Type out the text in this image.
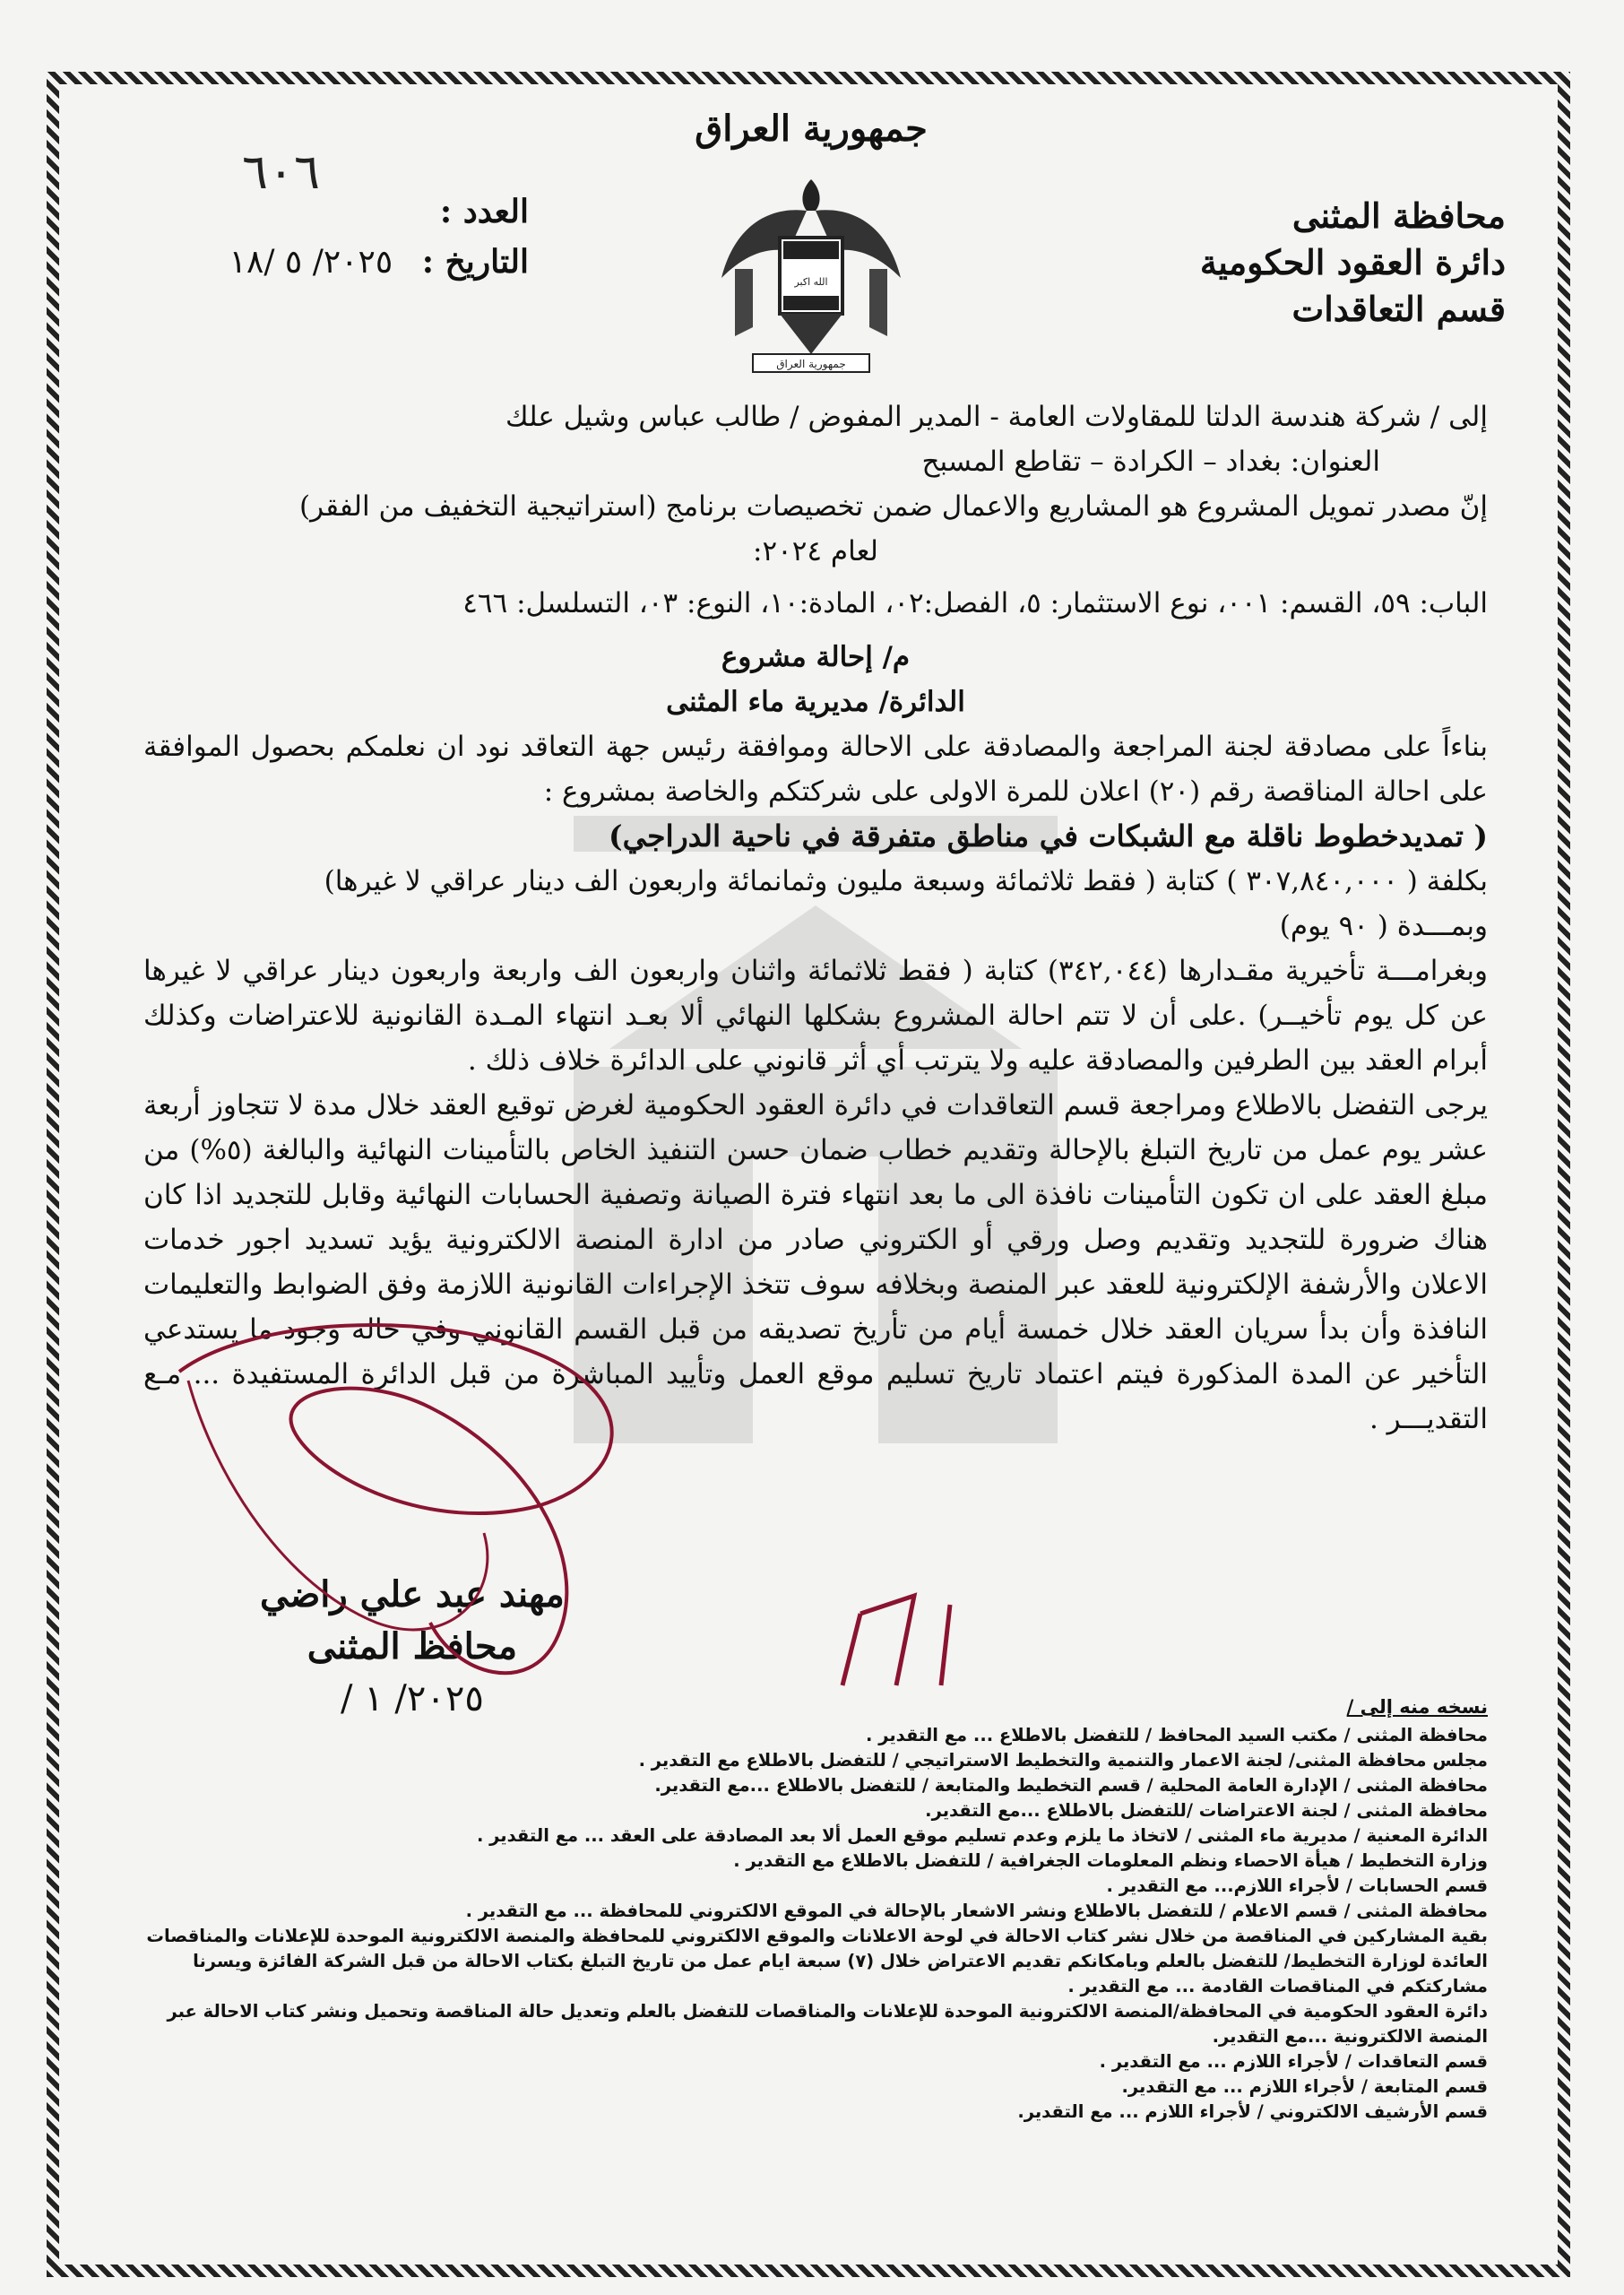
جمهورية العراق
٦٠٦
العدد :
التاريخ : ٢٠٢٥/ ٥ /١٨
محافظة المثنى
دائرة العقود الحكومية
قسم التعاقدات
الله اكبر
جمهورية العراق

إلى / شركة هندسة الدلتا للمقاولات العامة - المدير المفوض / طالب عباس وشيل علك

العنوان: بغداد – الكرادة – تقاطع المسبح

إنّ مصدر تمويل المشروع هو المشاريع والاعمال ضمن تخصيصات برنامج (استراتيجية التخفيف من الفقر)

لعام ٢٠٢٤:

الباب: ٥٩، القسم: ٠٠١، نوع الاستثمار: ٥، الفصل:٠٢، المادة:١٠، النوع: ٠٣، التسلسل: ٤٦٦

م/ إحالة مشروع

الدائرة/ مديرية ماء المثنى

بناءاً على مصادقة لجنة المراجعة والمصادقة على الاحالة وموافقة رئيس جهة التعاقد نود ان نعلمكم بحصول الموافقة على احالة المناقصة رقم (٢٠) اعلان للمرة الاولى على شركتكم والخاصة بمشروع :

( تمديدخطوط ناقلة مع الشبكات في مناطق متفرقة في ناحية الدراجي)

بكلفة ( ٣٠٧,٨٤٠,٠٠٠ ) كتابة ( فقط ثلاثمائة وسبعة مليون وثمانمائة واربعون الف دينار عراقي لا غيرها)

وبمـــدة ( ٩٠ يوم)

وبغرامـــة تأخيرية مقـدارها (٣٤٢,٠٤٤) كتابة ( فقط ثلاثمائة واثنان واربعون الف واربعة واربعون دينار عراقي لا غيرها عن كل يوم تأخيــر) .على أن لا تتم احالة المشروع بشكلها النهائي ألا بعـد انتهاء المـدة القانونية للاعتراضات وكذلك أبرام العقد بين الطرفين والمصادقة عليه ولا يترتب أي أثر قانوني على الدائرة خلاف ذلك .

يرجى التفضل بالاطلاع ومراجعة قسم التعاقدات في دائرة العقود الحكومية لغرض توقيع العقد خلال مدة لا تتجاوز أربعة عشر يوم عمل من تاريخ التبلغ بالإحالة وتقديم خطاب ضمان حسن التنفيذ الخاص بالتأمينات النهائية والبالغة (٥%) من مبلغ العقد على ان تكون التأمينات نافذة الى ما بعد انتهاء فترة الصيانة وتصفية الحسابات النهائية وقابل للتجديد اذا كان هناك ضرورة للتجديد وتقديم وصل ورقي أو الكتروني صادر من ادارة المنصة الالكترونية يؤيد تسديد اجور خدمات الاعلان والأرشفة الإلكترونية للعقد عبر المنصة وبخلافه سوف تتخذ الإجراءات القانونية اللازمة وفق الضوابط والتعليمات النافذة وأن بدأ سريان العقد خلال خمسة أيام من تأريخ تصديقه من قبل القسم القانوني وفي حالة وجود ما يستدعي التأخير عن المدة المذكورة فيتم اعتماد تاريخ تسليم موقع العمل وتأييد المباشرة من قبل الدائرة المستفيدة ... مـع التقديـــر .

مهند عبد علي راضي
محافظ المثنى
٢٠٢٥/ ١ /	نسخه منه إلى /
محافظة المثنى / مكتب السيد المحافظ / للتفضل بالاطلاع ... مع التقدير .
مجلس محافظة المثنى/ لجنة الاعمار والتنمية والتخطيط الاستراتيجي / للتفضل بالاطلاع مع التقدير .
محافظة المثنى / الإدارة العامة المحلية / قسم التخطيط والمتابعة / للتفضل بالاطلاع ...مع التقدير.
محافظة المثنى / لجنة الاعتراضات /للتفضل بالاطلاع ...مع التقدير.
الدائرة المعنية / مديرية ماء المثنى / لاتخاذ ما يلزم وعدم تسليم موقع العمل ألا بعد المصادقة على العقد ... مع التقدير .
وزارة التخطيط / هيأة الاحصاء ونظم المعلومات الجغرافية / للتفضل بالاطلاع مع التقدير .
قسم الحسابات / لأجراء اللازم... مع التقدير .
محافظة المثنى / قسم الاعلام / للتفضل بالاطلاع ونشر الاشعار بالإحالة في الموقع الالكتروني للمحافظة ... مع التقدير .
بقية المشاركين في المناقصة من خلال نشر كتاب الاحالة في لوحة الاعلانات والموقع الالكتروني للمحافظة والمنصة الالكترونية الموحدة للإعلانات والمناقصات العائدة لوزارة التخطيط/ للتفضل بالعلم وبامكانكم تقديم الاعتراض خلال (٧) سبعة ايام عمل من تاريخ التبلغ بكتاب الاحالة من قبل الشركة الفائزة ويسرنا مشاركتكم في المناقصات القادمة ... مع التقدير .
دائرة العقود الحكومية في المحافظة/المنصة الالكترونية الموحدة للإعلانات والمناقصات للتفضل بالعلم وتعديل حالة المناقصة وتحميل ونشر كتاب الاحالة عبر المنصة الالكترونية ...مع التقدير.
قسم التعاقدات / لأجراء اللازم ... مع التقدير .
قسم المتابعة / لأجراء اللازم ... مع التقدير.
قسم الأرشيف الالكتروني / لأجراء اللازم ... مع التقدير.
